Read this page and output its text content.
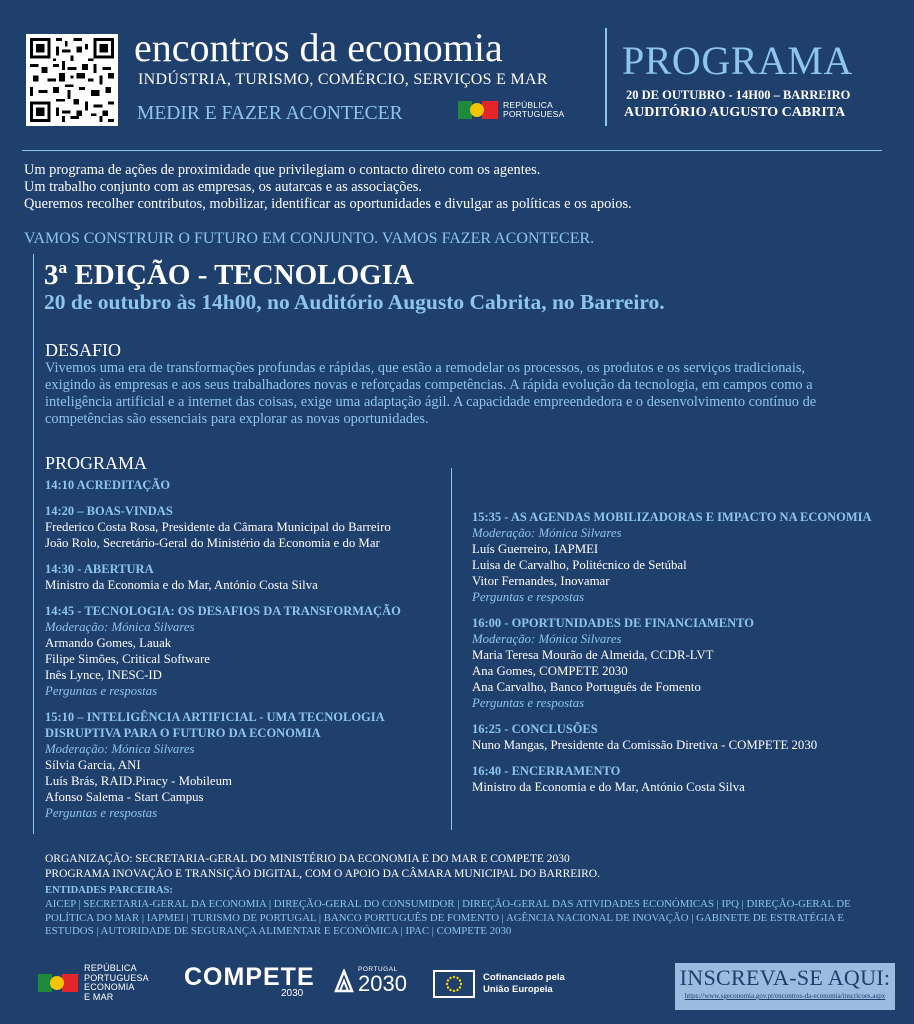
encontros da economia
INDÚSTRIA, TURISMO, COMÉRCIO, SERVIÇOS E MAR
MEDIR E FAZER ACONTECER	REPÚBLICA
PORTUGUESA
PROGRAMA
20 DE OUTUBRO - 14H00 – BARREIRO
AUDITÓRIO AUGUSTO CABRITA
Um programa de ações de proximidade que privilegiam o contacto direto com os agentes.
Um trabalho conjunto com as empresas, os autarcas e as associações.
Queremos recolher contributos, mobilizar, identificar as oportunidades e divulgar as políticas e os apoios.
VAMOS CONSTRUIR O FUTURO EM CONJUNTO. VAMOS FAZER ACONTECER.
3ª EDIÇÃO - TECNOLOGIA
20 de outubro às 14h00, no Auditório Augusto Cabrita, no Barreiro.
DESAFIO
Vivemos uma era de transformações profundas e rápidas, que estão a remodelar os processos, os produtos e os serviços tradicionais, exigindo às empresas e aos seus trabalhadores novas e reforçadas competências. A rápida evolução da tecnologia, em campos como a inteligência artificial e a internet das coisas, exige uma adaptação ágil. A capacidade empreendedora e o desenvolvimento contínuo de competências são essenciais para explorar as novas oportunidades.
PROGRAMA
14:10 ACREDITAÇÃO
14:20 – BOAS-VINDAS
Frederico Costa Rosa, Presidente da Câmara Municipal do Barreiro
João Rolo, Secretário-Geral do Ministério da Economia e do Mar
14:30 - ABERTURA
Ministro da Economia e do Mar, António Costa Silva
14:45 - TECNOLOGIA: OS DESAFIOS DA TRANSFORMAÇÃO
Moderação: Mónica Silvares
Armando Gomes, Lauak
Filipe Simões, Critical Software
Inês Lynce, INESC-ID
Perguntas e respostas
15:10 – INTELIGÊNCIA ARTIFICIAL - UMA TECNOLOGIA DISRUPTIVA PARA O FUTURO DA ECONOMIA
Moderação: Mónica Silvares
Sílvia Garcia, ANI
Luís Brás, RAID.Piracy - Mobileum
Afonso Salema - Start Campus
Perguntas e respostas
15:35 - AS AGENDAS MOBILIZADORAS E IMPACTO NA ECONOMIA
Moderação: Mónica Silvares
Luís Guerreiro, IAPMEI
Luisa de Carvalho, Politécnico de Setúbal
Vitor Fernandes, Inovamar
Perguntas e respostas
16:00 - OPORTUNIDADES DE FINANCIAMENTO
Moderação: Mónica Silvares
Maria Teresa Mourão de Almeida, CCDR-LVT
Ana Gomes, COMPETE 2030
Ana Carvalho, Banco Português de Fomento
Perguntas e respostas
16:25 - CONCLUSÕES
Nuno Mangas, Presidente da Comissão Diretiva - COMPETE 2030
16:40 - ENCERRAMENTO
Ministro da Economia e do Mar, António Costa Silva
ORGANIZAÇÃO: SECRETARIA-GERAL DO MINISTÉRIO DA ECONOMIA E DO MAR E COMPETE 2030
PROGRAMA INOVAÇÃO E TRANSIÇÃO DIGITAL, COM O APOIO DA CÂMARA MUNICIPAL DO BARREIRO.
ENTIDADES PARCEIRAS:
AICEP | SECRETARIA-GERAL DA ECONOMIA | DIREÇÃO-GERAL DO CONSUMIDOR | DIREÇÃO-GERAL DAS ATIVIDADES ECONÓMICAS | IPQ | DIREÇÃO-GERAL DE POLÍTICA DO MAR | IAPMEI | TURISMO DE PORTUGAL | BANCO PORTUGUÊS DE FOMENTO | AGÊNCIA NACIONAL DE INOVAÇÃO | GABINETE DE ESTRATÉGIA E ESTUDOS | AUTORIDADE DE SEGURANÇA ALIMENTAR E ECONÓMICA | IPAC | COMPETE 2030
REPÚBLICA
PORTUGUESA
ECONOMIA
E MAR
COMPETE
2030
PORTUGAL
2030	Cofinanciado pela
União Europeia	INSCREVA-SE AQUI:
https://www.sgeconomia.gov.pt/encontros-da-economia/inscricoes.aspx
